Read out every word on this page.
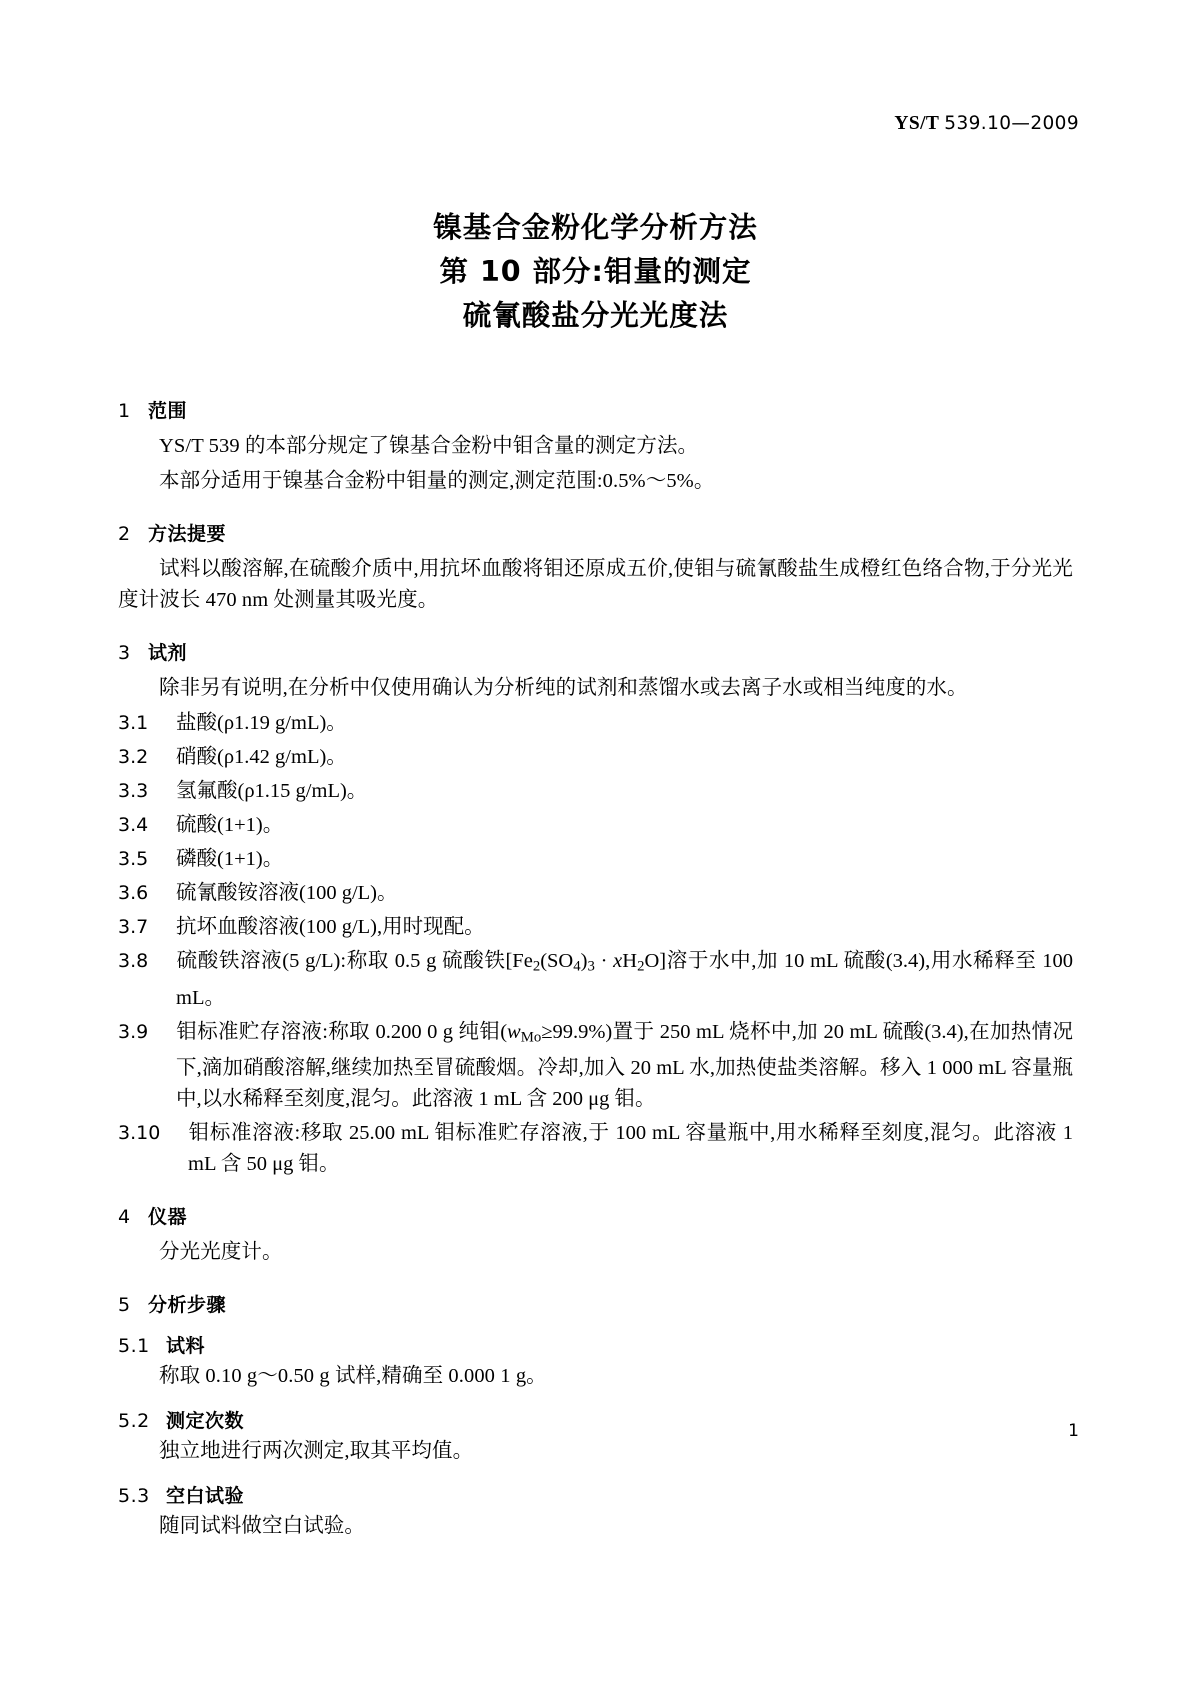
YS/T 539.10—2009
镍基合金粉化学分析方法
第 10 部分:钼量的测定
硫氰酸盐分光光度法
1 范围

YS/T 539 的本部分规定了镍基合金粉中钼含量的测定方法。

本部分适用于镍基合金粉中钼量的测定,测定范围:0.5%～5%。

2 方法提要

试料以酸溶解,在硫酸介质中,用抗坏血酸将钼还原成五价,使钼与硫氰酸盐生成橙红色络合物,于分光光度计波长 470 nm 处测量其吸光度。

3 试剂

除非另有说明,在分析中仅使用确认为分析纯的试剂和蒸馏水或去离子水或相当纯度的水。

3.1 盐酸(ρ1.19 g/mL)。

3.2 硝酸(ρ1.42 g/mL)。

3.3 氢氟酸(ρ1.15 g/mL)。

3.4 硫酸(1+1)。

3.5 磷酸(1+1)。

3.6 硫氰酸铵溶液(100 g/L)。

3.7 抗坏血酸溶液(100 g/L),用时现配。

3.8 硫酸铁溶液(5 g/L):称取 0.5 g 硫酸铁$[Fe_2(SO_4)_3 \cdot xH_2O]$溶于水中,加 10 mL 硫酸(3.4),用水稀释至 100 mL。

3.9 钼标准贮存溶液:称取 0.200 0 g 纯钼$(w_{Mo}\ge 99.9\%)$置于 250 mL 烧杯中,加 20 mL 硫酸(3.4),在加热情况下,滴加硝酸溶解,继续加热至冒硫酸烟。冷却,加入 20 mL 水,加热使盐类溶解。移入 1 000 mL 容量瓶中,以水稀释至刻度,混匀。此溶液 1 mL 含 200 μg 钼。

3.10 钼标准溶液:移取 25.00 mL 钼标准贮存溶液,于 100 mL 容量瓶中,用水稀释至刻度,混匀。此溶液 1 mL 含 50 μg 钼。

4 仪器

分光光度计。

5 分析步骤
5.1 试料

称取 0.10 g～0.50 g 试样,精确至 0.000 1 g。

5.2 测定次数

独立地进行两次测定,取其平均值。

5.3 空白试验

随同试料做空白试验。

1
